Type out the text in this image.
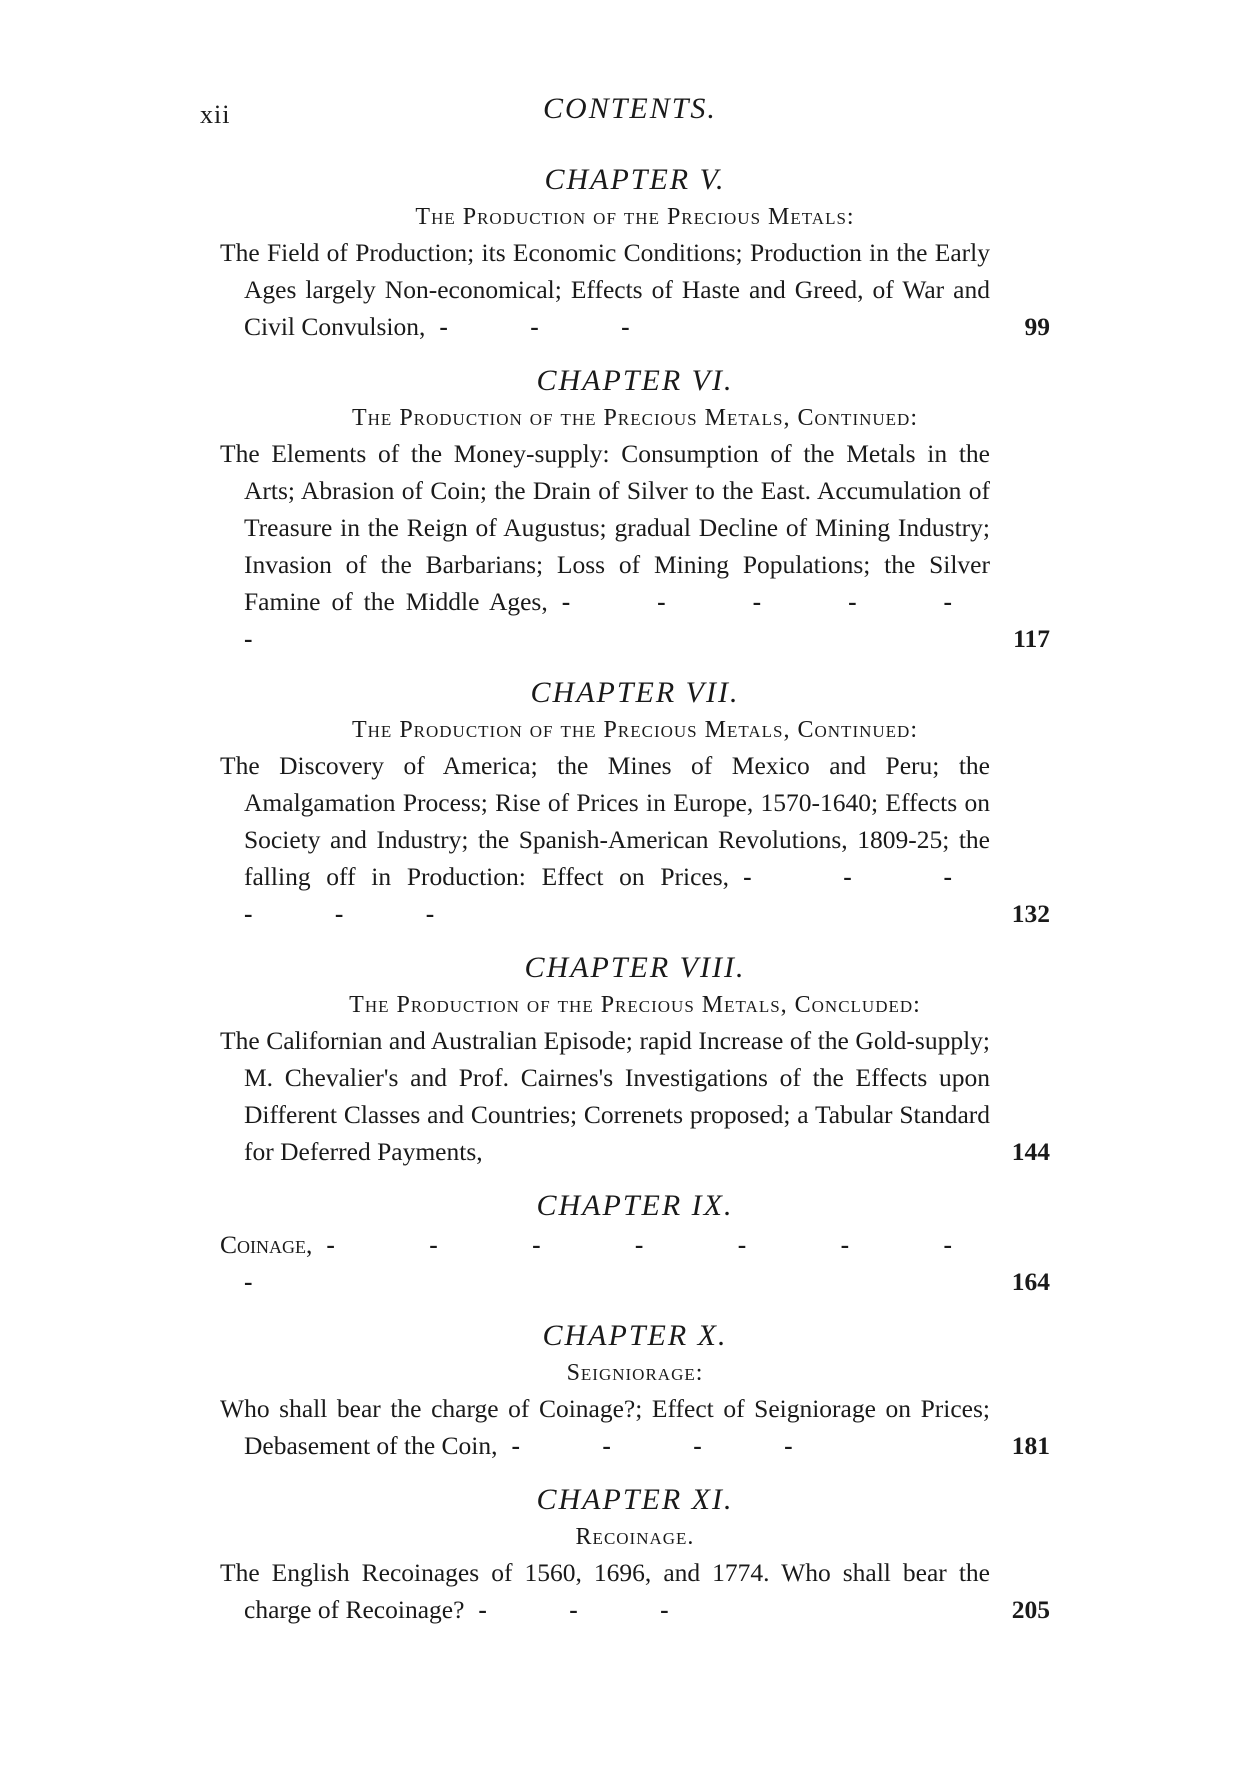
xii	CONTENTS.

CHAPTER V.

The Production of the Precious Metals:

The Field of Production; its Economic Conditions; Production in the Early Ages largely Non-economical; Effects of Haste and Greed, of War and Civil Convulsion, - - -	99

CHAPTER VI.

The Production of the Precious Metals, Continued:

The Elements of the Money-supply: Consumption of the Metals in the Arts; Abrasion of Coin; the Drain of Silver to the East. Accumulation of Treasure in the Reign of Augustus; gradual Decline of Mining Industry; Invasion of the Barbarians; Loss of Mining Populations; the Silver Famine of the Middle Ages, - - - - - -	117

CHAPTER VII.

The Production of the Precious Metals, Continued:

The Discovery of America; the Mines of Mexico and Peru; the Amalgamation Process; Rise of Prices in Europe, 1570-1640; Effects on Society and Industry; the Spanish-American Revolutions, 1809-25; the falling off in Production: Effect on Prices, - - - - - -	132

CHAPTER VIII.

The Production of the Precious Metals, Concluded:

The Californian and Australian Episode; rapid Increase of the Gold-supply; M. Chevalier's and Prof. Cairnes's Investigations of the Effects upon Different Classes and Countries; Correnets proposed; a Tabular Standard for Deferred Payments,	144

CHAPTER IX.

Coinage, - - - - - - - -	164

CHAPTER X.

Seigniorage:

Who shall bear the charge of Coinage?; Effect of Seigniorage on Prices; Debasement of the Coin, - - - -	181

CHAPTER XI.

Recoinage.

The English Recoinages of 1560, 1696, and 1774. Who shall bear the charge of Recoinage? - - -	205
